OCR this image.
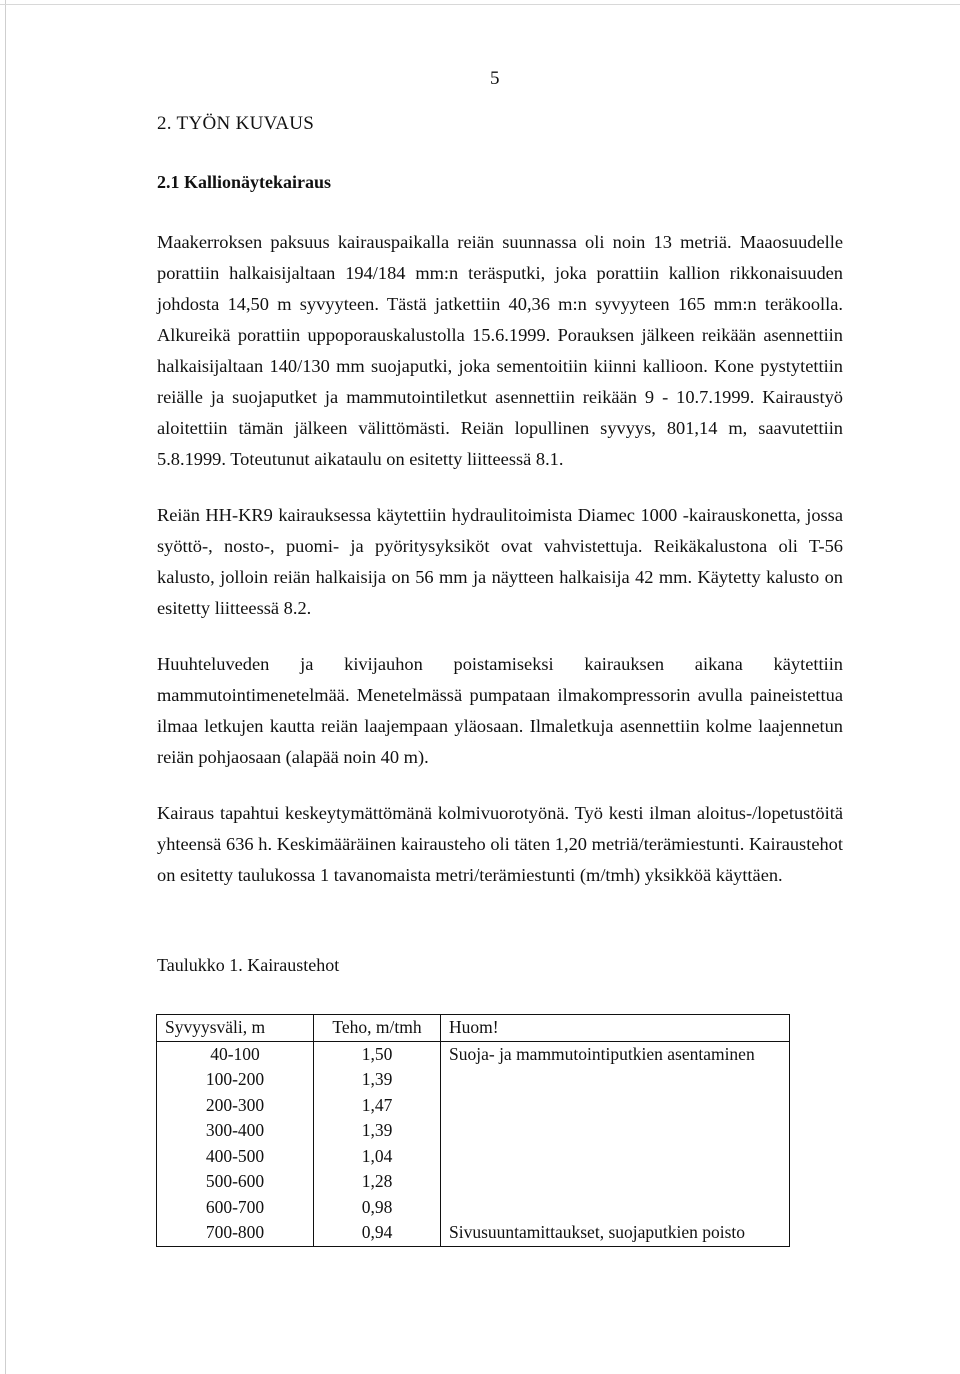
5
2. TYÖN KUVAUS
2.1 Kallionäytekairaus

Maakerroksen paksuus kairauspaikalla reiän suunnassa oli noin 13 metriä. Maaosuudelle porattiin halkaisijaltaan 194/184 mm:n teräsputki, joka porattiin kallion rikkonaisuuden johdosta 14,50 m syvyyteen. Tästä jatkettiin 40,36 m:n syvyyteen 165 mm:n teräkoolla. Alkureikä porattiin uppoporauskalustolla 15.6.1999. Porauksen jälkeen reikään asennettiin halkaisijaltaan 140/130 mm suojaputki, joka sementoitiin kiinni kallioon. Kone pystytettiin reiälle ja suojaputket ja mammutointiletkut asennettiin reikään 9 - 10.7.1999. Kairaustyö aloitettiin tämän jälkeen välittömästi. Reiän lopullinen syvyys, 801,14 m, saavutettiin 5.8.1999. Toteutunut aikataulu on esitetty liitteessä 8.1.

Reiän HH-KR9 kairauksessa käytettiin hydraulitoimista Diamec 1000 -kairauskonetta, jossa syöttö-, nosto-, puomi- ja pyöritysyksiköt ovat vahvistettuja. Reikäkalustona oli T-56 kalusto, jolloin reiän halkaisija on 56 mm ja näytteen halkaisija 42 mm. Käytetty kalusto on esitetty liitteessä 8.2.

Huuhteluveden ja kivijauhon poistamiseksi kairauksen aikana käytettiin mammutointimenetelmää. Menetelmässä pumpataan ilmakompressorin avulla paineistettua ilmaa letkujen kautta reiän laajempaan yläosaan. Ilmaletkuja asennettiin kolme laajennetun reiän pohjaosaan (alapää noin 40 m).

Kairaus tapahtui keskeytymättömänä kolmivuorotyönä. Työ kesti ilman aloitus-/lopetustöitä yhteensä 636 h. Keskimääräinen kairausteho oli täten 1,20 metriä/terämiestunti. Kairaustehot on esitetty taulukossa 1 tavanomaista metri/terämiestunti (m/tmh) yksikköä käyttäen.

Taulukko 1. Kairaustehot
Syvyysväli, m	Teho, m/tmh	Huom!
40-100	1,50	Suoja- ja mammutointiputkien asentaminen
100-200	1,39	
200-300	1,47	
300-400	1,39	
400-500	1,04	
500-600	1,28	
600-700	0,98	
700-800	0,94	Sivusuuntamittaukset, suojaputkien poisto
